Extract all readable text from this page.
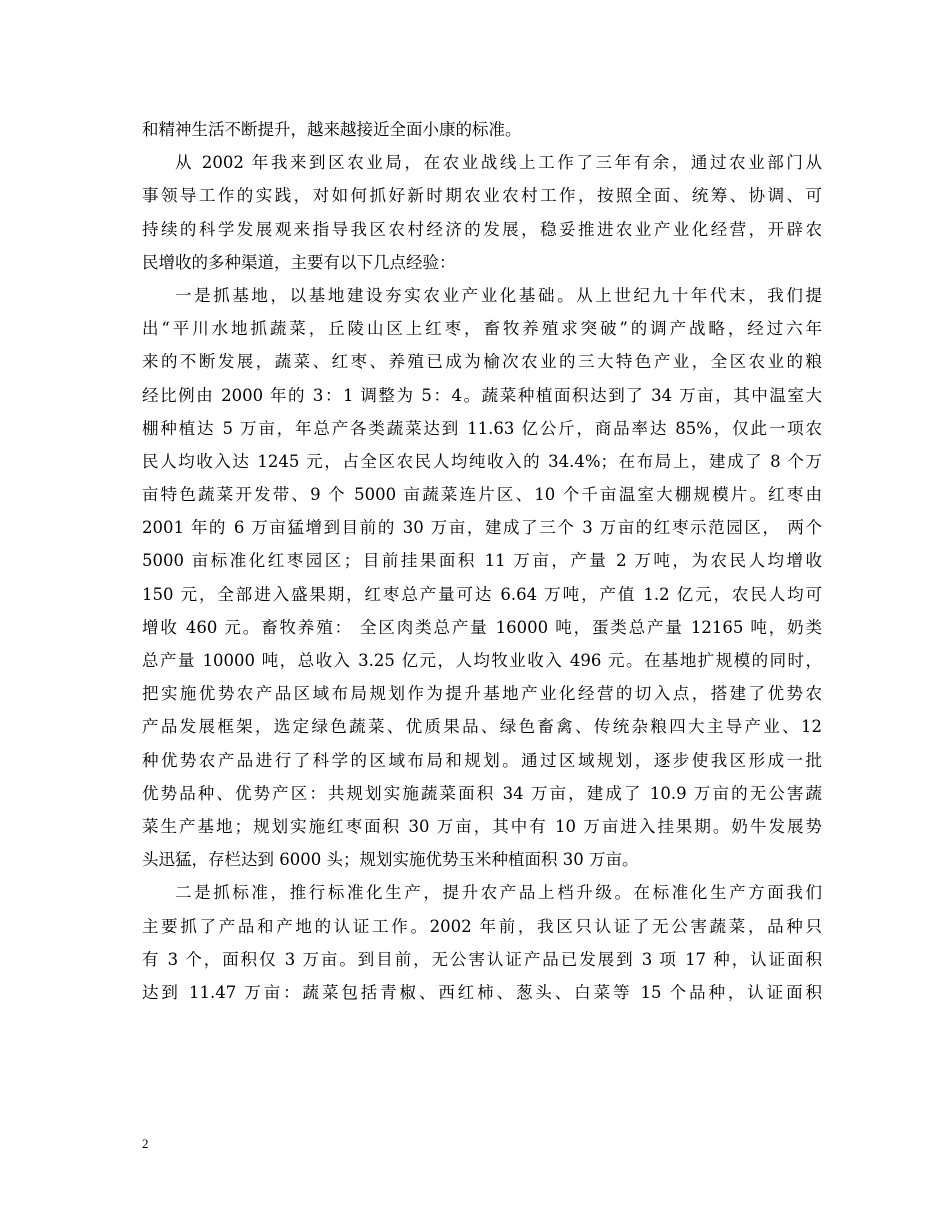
和精神生活不断提升，越来越接近全面小康的标准。
从 2002 年我来到区农业局，在农业战线上工作了三年有余，通过农业部门从
事领导工作的实践，对如何抓好新时期农业农村工作，按照全面、统筹、协调、可
持续的科学发展观来指导我区农村经济的发展，稳妥推进农业产业化经营，开辟农
民增收的多种渠道，主要有以下几点经验：
一是抓基地，以基地建设夯实农业产业化基础。从上世纪九十年代末，我们提
出“平川水地抓蔬菜，丘陵山区上红枣，畜牧养殖求突破”的调产战略，经过六年
来的不断发展，蔬菜、红枣、养殖已成为榆次农业的三大特色产业，全区农业的粮
经比例由 2000 年的 3：1 调整为 5：4。蔬菜种植面积达到了 34 万亩，其中温室大
棚种植达 5 万亩，年总产各类蔬菜达到 11.63 亿公斤，商品率达 85%，仅此一项农
民人均收入达 1245 元，占全区农民人均纯收入的 34.4%；在布局上，建成了 8 个万
亩特色蔬菜开发带、9 个 5000 亩蔬菜连片区、10 个千亩温室大棚规模片。红枣由
2001 年的 6 万亩猛增到目前的 30 万亩，建成了三个 3 万亩的红枣示范园区， 两个
5000 亩标准化红枣园区；目前挂果面积 11 万亩，产量 2 万吨，为农民人均增收
150 元，全部进入盛果期，红枣总产量可达 6.64 万吨，产值 1.2 亿元，农民人均可
增收 460 元。畜牧养殖： 全区肉类总产量 16000 吨，蛋类总产量 12165 吨，奶类
总产量 10000 吨，总收入 3.25 亿元，人均牧业收入 496 元。在基地扩规模的同时，
把实施优势农产品区域布局规划作为提升基地产业化经营的切入点，搭建了优势农
产品发展框架，选定绿色蔬菜、优质果品、绿色畜禽、传统杂粮四大主导产业、12
种优势农产品进行了科学的区域布局和规划。通过区域规划，逐步使我区形成一批
优势品种、优势产区：共规划实施蔬菜面积 34 万亩，建成了 10.9 万亩的无公害蔬
菜生产基地；规划实施红枣面积 30 万亩，其中有 10 万亩进入挂果期。奶牛发展势
头迅猛，存栏达到 6000 头；规划实施优势玉米种植面积 30 万亩。
二是抓标准，推行标准化生产，提升农产品上档升级。在标准化生产方面我们
主要抓了产品和产地的认证工作。2002 年前，我区只认证了无公害蔬菜，品种只
有 3 个，面积仅 3 万亩。到目前，无公害认证产品已发展到 3 项 17 种，认证面积
达到 11.47 万亩：蔬菜包括青椒、西红柿、葱头、白菜等 15 个品种，认证面积
2
